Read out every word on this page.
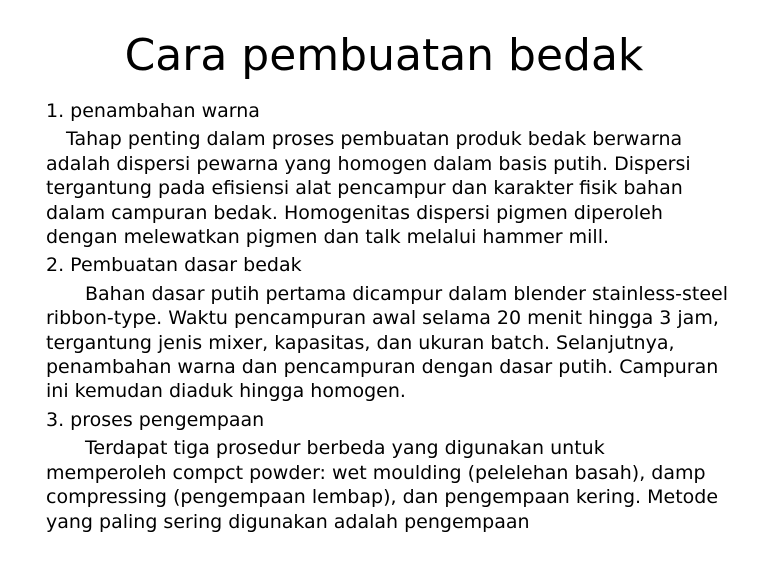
Cara pembuatan bedak
1. penambahan warna

Tahap penting dalam proses pembuatan produk bedak berwarna adalah dispersi pewarna yang homogen dalam basis putih. Dispersi tergantung pada efisiensi alat pencampur dan karakter fisik bahan dalam campuran bedak. Homogenitas dispersi pigmen diperoleh dengan melewatkan pigmen dan talk melalui hammer mill.

2. Pembuatan dasar bedak

Bahan dasar putih pertama dicampur dalam blender stainless-steel ribbon-type. Waktu pencampuran awal selama 20 menit hingga 3 jam, tergantung jenis mixer, kapasitas, dan ukuran batch. Selanjutnya, penambahan warna dan pencampuran dengan dasar putih. Campuran ini kemudan diaduk hingga homogen.

3. proses pengempaan

Terdapat tiga prosedur berbeda yang digunakan untuk memperoleh compct powder: wet moulding (pelelehan basah), damp compressing (pengempaan lembap), dan pengempaan kering. Metode yang paling sering digunakan adalah pengempaan
